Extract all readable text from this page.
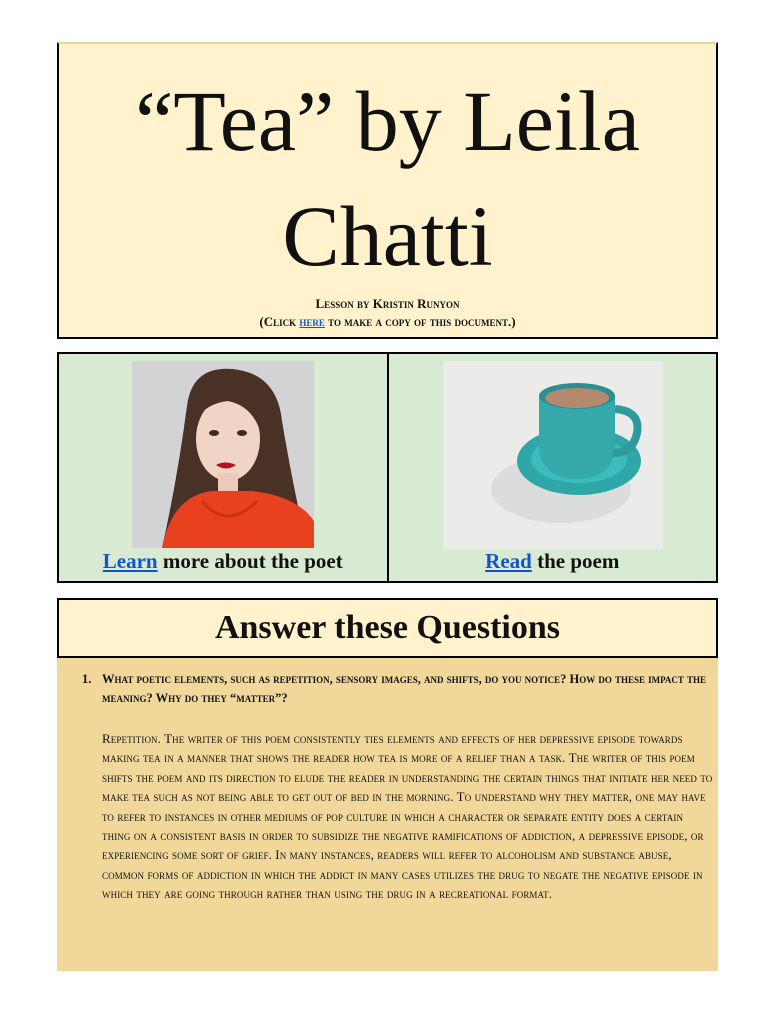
“Tea” by Leila Chatti
Lesson by Kristin Runyon
(Click here to make a copy of this document.)
Learn more about the poet	Read the poem
Answer these Questions
1. What poetic elements, such as repetition, sensory images, and shifts, do you notice? How do these impact the meaning? Why do they “matter”?
Repetition. The writer of this poem consistently ties elements and effects of her depressive episode towards making tea in a manner that shows the reader how tea is more of a relief than a task. The writer of this poem shifts the poem and its direction to elude the reader in understanding the certain things that initiate her need to make tea such as not being able to get out of bed in the morning. To understand why they matter, one may have to refer to instances in other mediums of pop culture in which a character or separate entity does a certain thing on a consistent basis in order to subsidize the negative ramifications of addiction, a depressive episode, or experiencing some sort of grief. In many instances, readers will refer to alcoholism and substance abuse, common forms of addiction in which the addict in many cases utilizes the drug to negate the negative episode in which they are going through rather than using the drug in a recreational format.
